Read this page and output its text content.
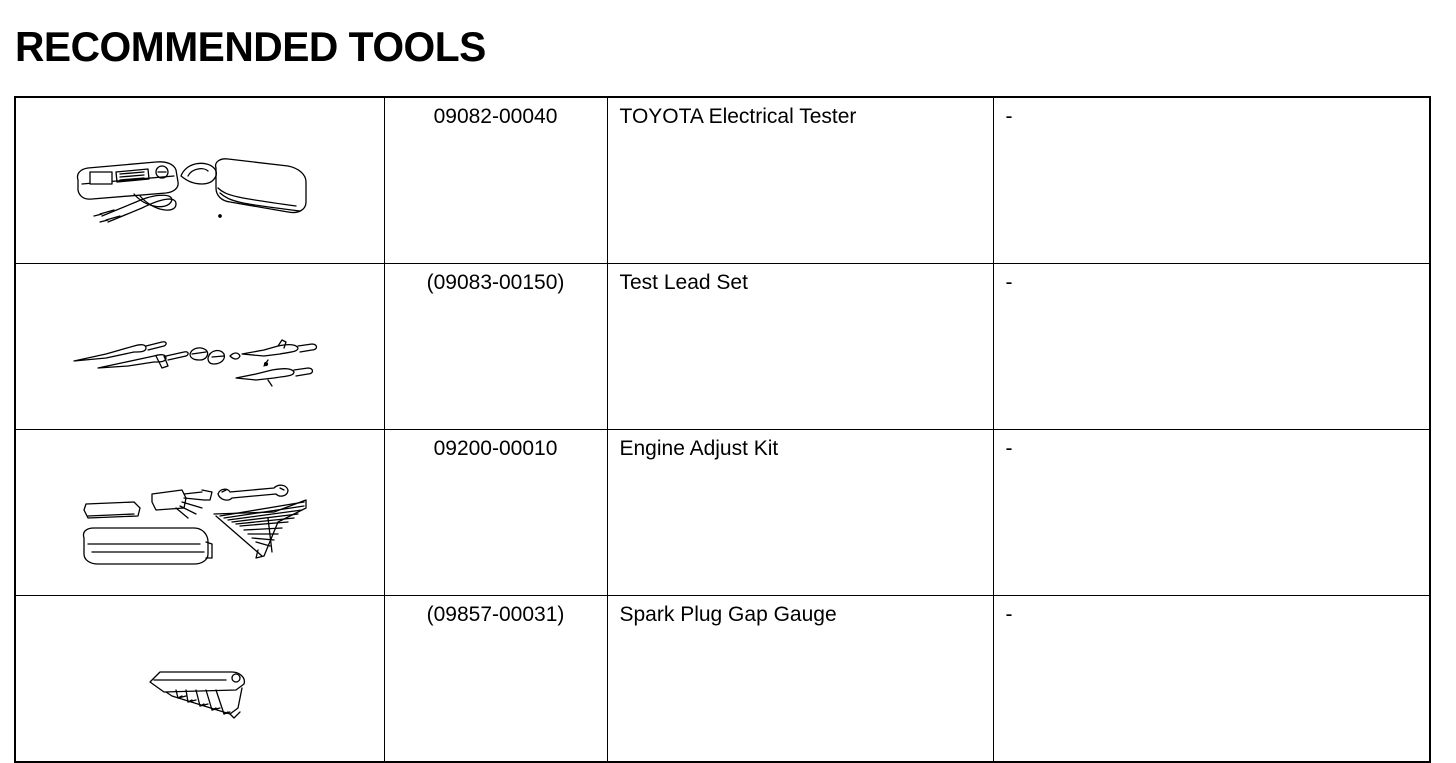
RECOMMENDED TOOLS
	09082-00040	TOYOTA Electrical Tester	-

	(09083-00150)	Test Lead Set	-

	09200-00010	Engine Adjust Kit	-

	(09857-00031)	Spark Plug Gap Gauge	-
